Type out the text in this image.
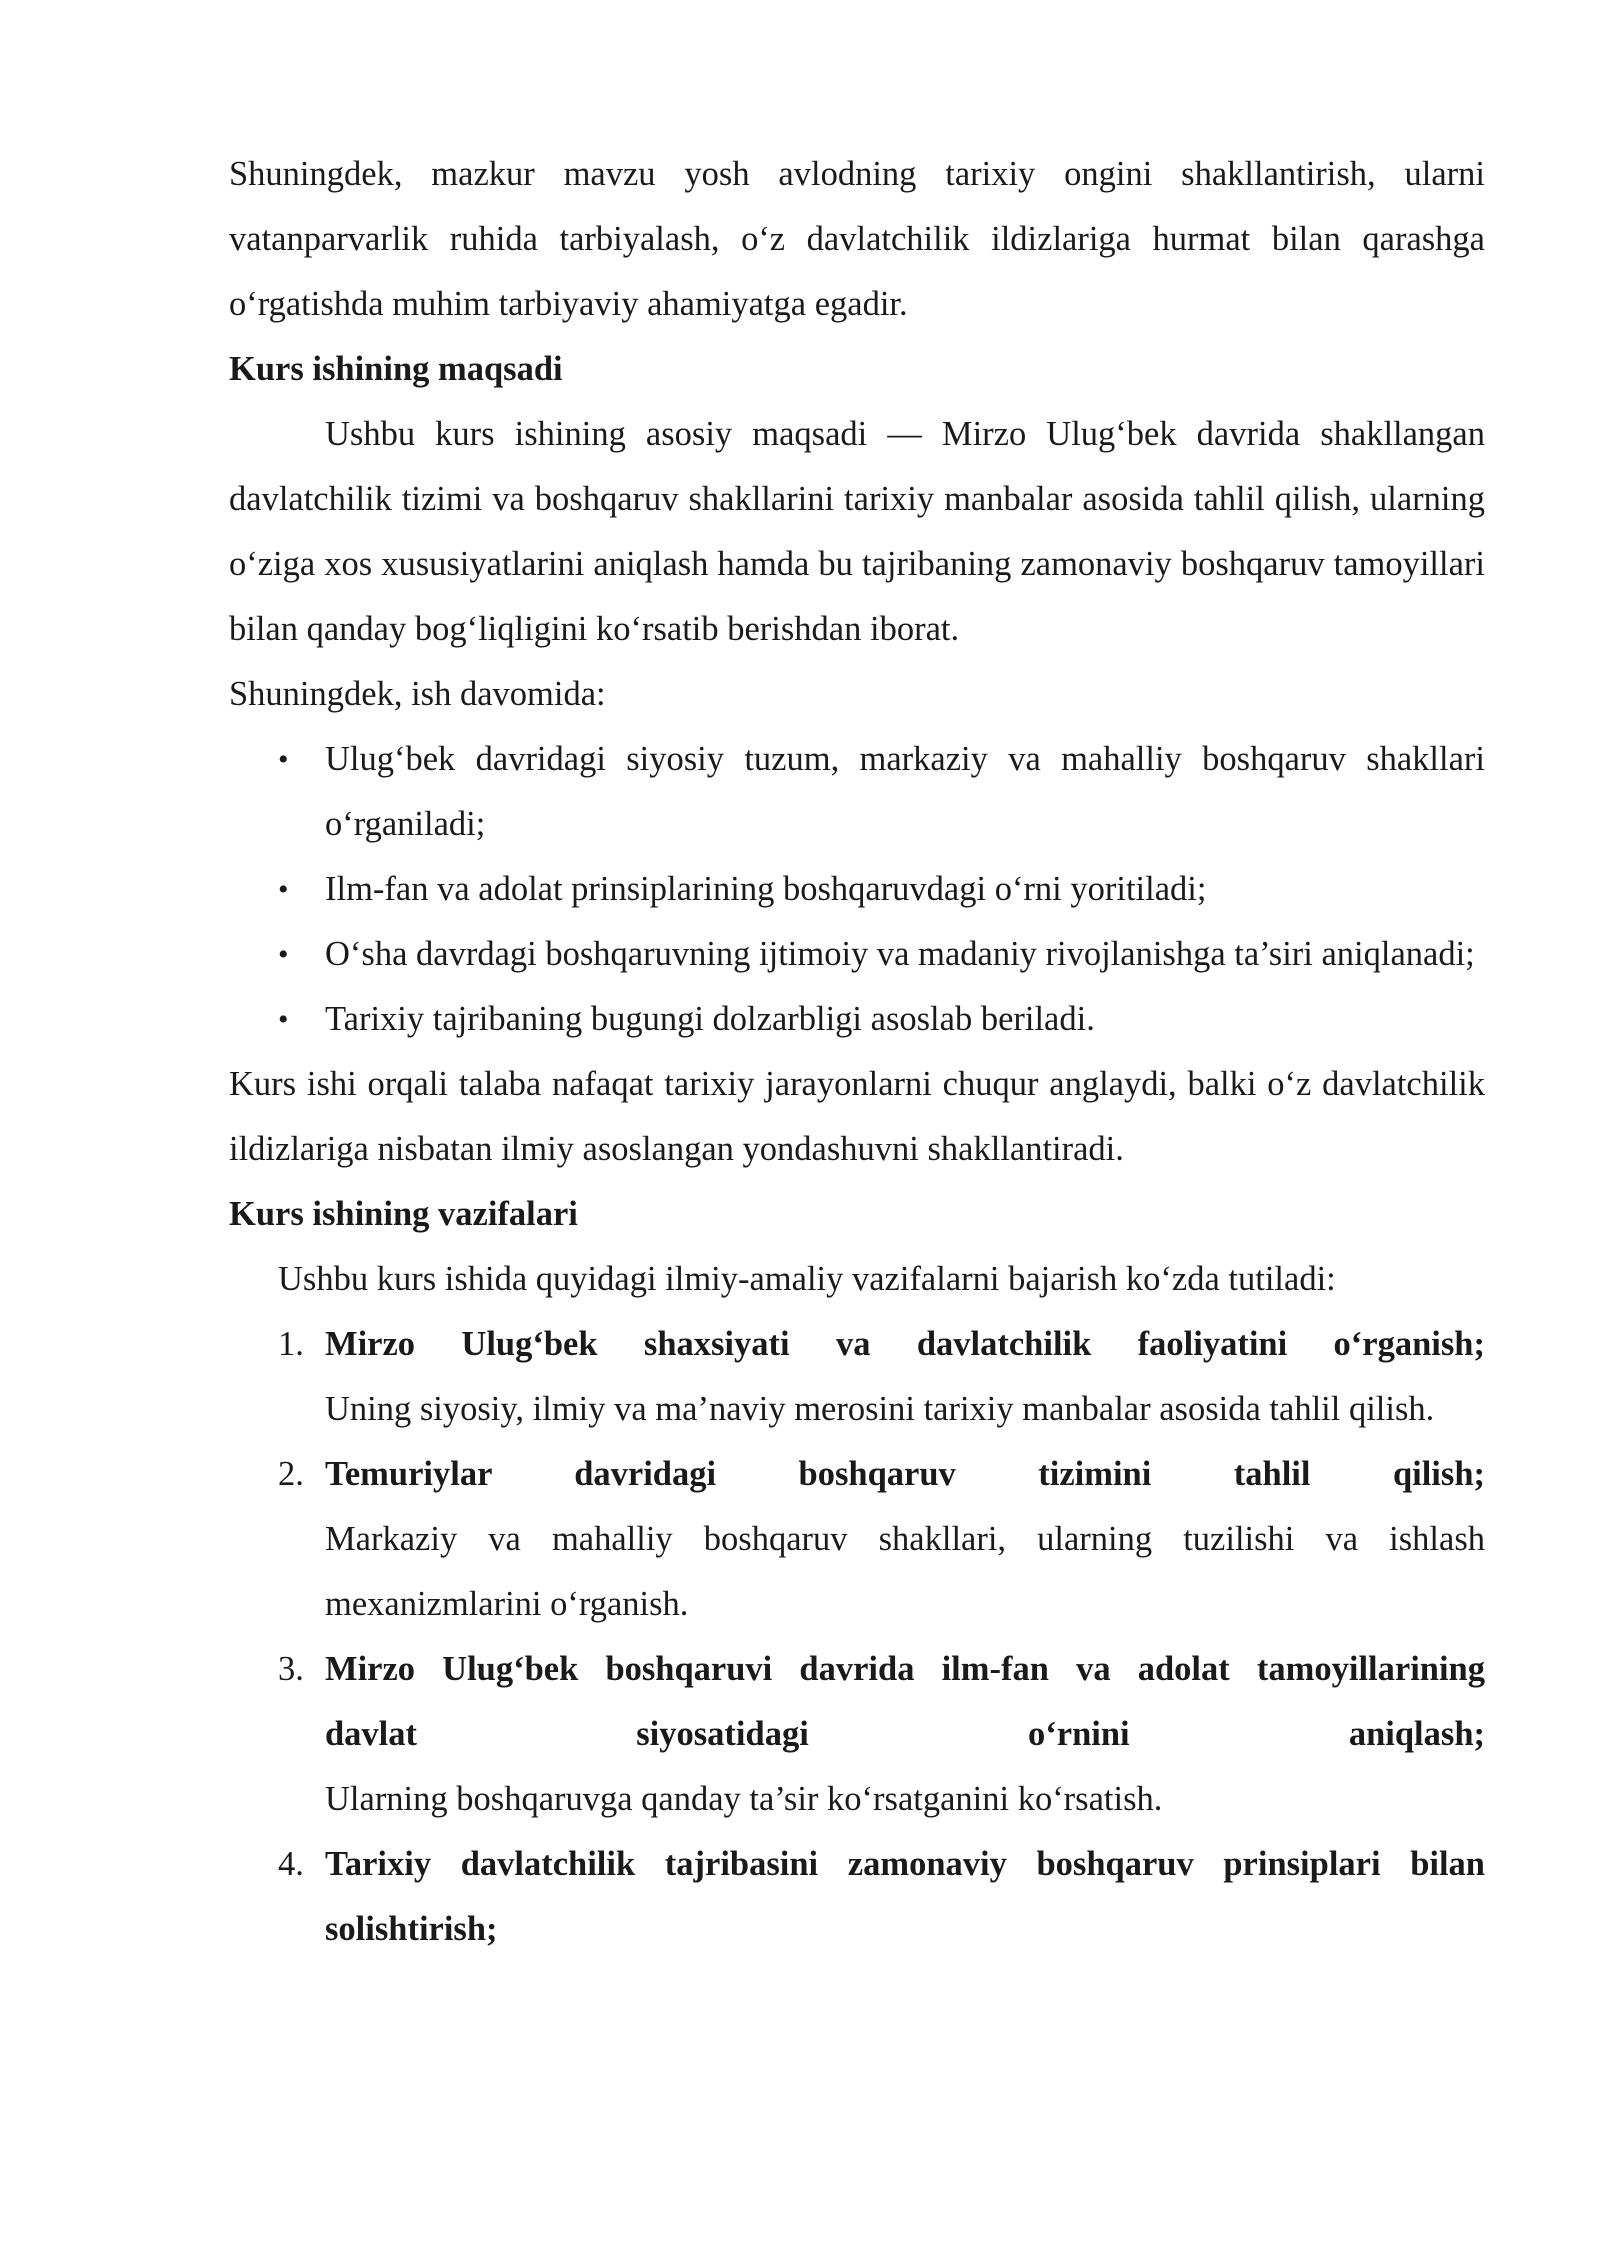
Shuningdek, mazkur mavzu yosh avlodning tarixiy ongini shakllantirish, ularni vatanparvarlik ruhida tarbiyalash, o‘z davlatchilik ildizlariga hurmat bilan qarashga o‘rgatishda muhim tarbiyaviy ahamiyatga egadir.

Kurs ishining maqsadi

Ushbu kurs ishining asosiy maqsadi — Mirzo Ulug‘bek davrida shakllangan davlatchilik tizimi va boshqaruv shakllarini tarixiy manbalar asosida tahlil qilish, ularning o‘ziga xos xususiyatlarini aniqlash hamda bu tajribaning zamonaviy boshqaruv tamoyillari bilan qanday bog‘liqligini ko‘rsatib berishdan iborat.

Shuningdek, ish davomida:

• Ulug‘bek davridagi siyosiy tuzum, markaziy va mahalliy boshqaruv shakllari o‘rganiladi;
• Ilm-fan va adolat prinsiplarining boshqaruvdagi o‘rni yoritiladi;
• O‘sha davrdagi boshqaruvning ijtimoiy va madaniy rivojlanishga ta’siri aniqlanadi;
• Tarixiy tajribaning bugungi dolzarbligi asoslab beriladi.

Kurs ishi orqali talaba nafaqat tarixiy jarayonlarni chuqur anglaydi, balki o‘z davlatchilik ildizlariga nisbatan ilmiy asoslangan yondashuvni shakllantiradi.

Kurs ishining vazifalari

Ushbu kurs ishida quyidagi ilmiy-amaliy vazifalarni bajarish ko‘zda tutiladi:

1. Mirzo Ulug‘bek shaxsiyati va davlatchilik faoliyatini o‘rganish;
Uning siyosiy, ilmiy va ma’naviy merosini tarixiy manbalar asosida tahlil qilish.
2. Temuriylar davridagi boshqaruv tizimini tahlil qilish;
Markaziy va mahalliy boshqaruv shakllari, ularning tuzilishi va ishlash mexanizmlarini o‘rganish.
3. Mirzo Ulug‘bek boshqaruvi davrida ilm-fan va adolat tamoyillarining
davlat siyosatidagi o‘rnini aniqlash;
Ularning boshqaruvga qanday ta’sir ko‘rsatganini ko‘rsatish.
4. Tarixiy davlatchilik tajribasini zamonaviy boshqaruv prinsiplari bilan solishtirish;
